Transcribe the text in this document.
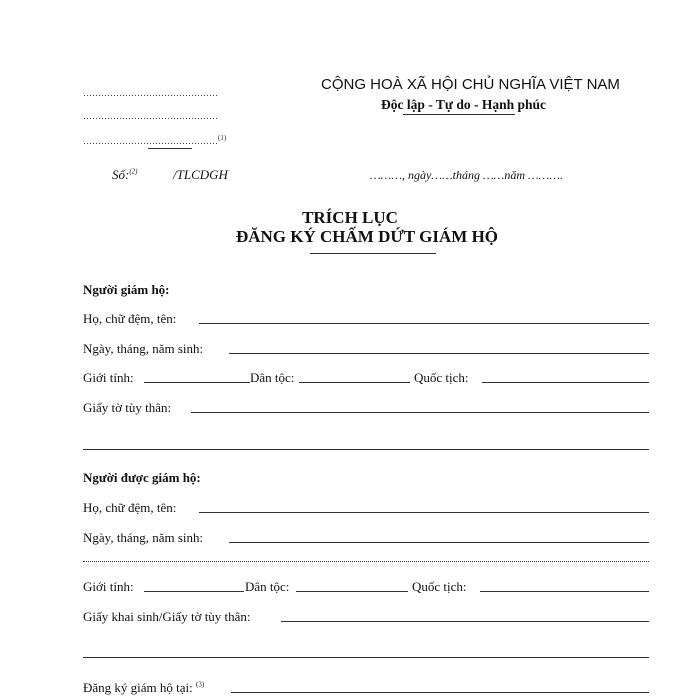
………………………………………
………………………………………
………………………………………$^{(1)}$
CỘNG HOÀ XÃ HỘI CHỦ NGHĨA VIỆT NAM
Độc lập - Tự do - Hạnh phúc
Số:$^{(2)}$	/TLCDGH	………, ngày……tháng ……năm ……….
TRÍCH LỤC
ĐĂNG KÝ CHẤM DỨT GIÁM HỘ
Người giám hộ:
Họ, chữ đệm, tên:
Ngày, tháng, năm sinh:
Giới tính:	Dân tộc:	Quốc tịch:
Giấy tờ tùy thân:
Người được giám hộ:
Họ, chữ đệm, tên:
Ngày, tháng, năm sinh:
Giới tính:	Dân tộc:	Quốc tịch:
Giấy khai sinh/Giấy tờ tùy thân:
Đăng ký giám hộ tại: $^{(3)}$
